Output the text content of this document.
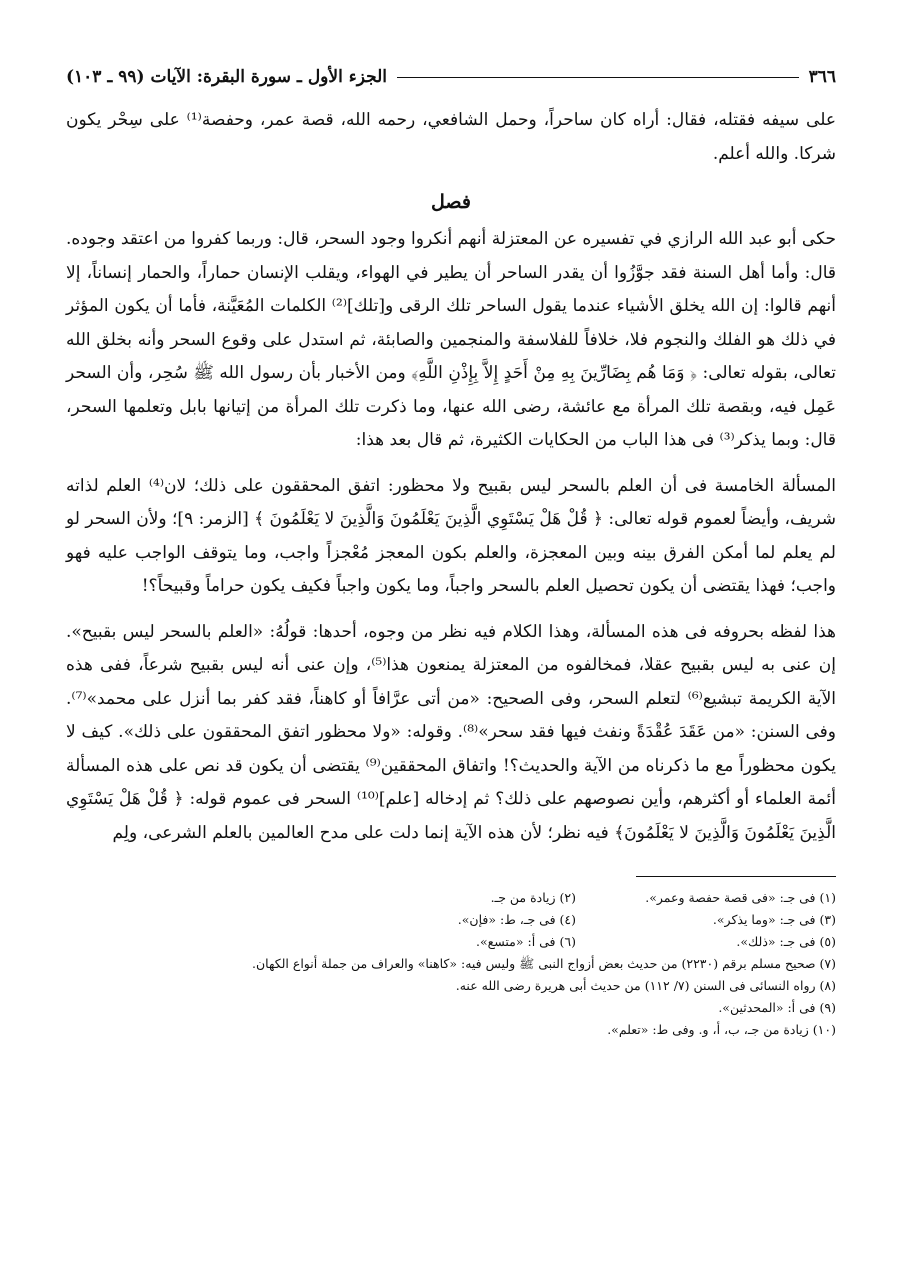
٣٦٦
الجزء الأول ـ سورة البقرة: الآيات (٩٩ ـ ١٠٣)

على سيفه فقتله، فقال: أراه كان ساحراً، وحمل الشافعي، رحمه الله، قصة عمر، وحفصة⁽¹⁾ على سِحْر يكون شركا. والله أعلم.

فصل

حكى أبو عبد الله الرازي في تفسيره عن المعتزلة أنهم أنكروا وجود السحر، قال: وربما كفروا من اعتقد وجوده. قال: وأما أهل السنة فقد جوَّزُوا أن يقدر الساحر أن يطير في الهواء، ويقلب الإنسان حماراً، والحمار إنساناً، إلا أنهم قالوا: إن الله يخلق الأشياء عندما يقول الساحر تلك الرقى و[تلك]⁽²⁾ الكلمات المُعَيَّنة، فأما أن يكون المؤثر في ذلك هو الفلك والنجوم فلا، خلافاً للفلاسفة والمنجمين والصابئة، ثم استدل على وقوع السحر وأنه بخلق الله تعالى، بقوله تعالى: ﴿ وَمَا هُم بِضَارِّينَ بِهِ مِنْ أَحَدٍ إِلاَّ بِإِذْنِ اللَّهِ﴾ ومن الأخبار بأن رسول الله ﷺ سُحِر، وأن السحر عَمِل فيه، وبقصة تلك المرأة مع عائشة، رضى الله عنها، وما ذكرت تلك المرأة من إتيانها بابل وتعلمها السحر، قال: وبما يذكر⁽³⁾ فى هذا الباب من الحكايات الكثيرة، ثم قال بعد هذا:

المسألة الخامسة فى أن العلم بالسحر ليس بقبيح ولا محظور: اتفق المحققون على ذلك؛ لان⁽⁴⁾ العلم لذاته شريف، وأيضاً لعموم قوله تعالى: ﴿ قُلْ هَلْ يَسْتَوِي الَّذِينَ يَعْلَمُونَ وَالَّذِينَ لا يَعْلَمُونَ ﴾ [الزمر: ٩]؛ ولأن السحر لو لم يعلم لما أمكن الفرق بينه وبين المعجزة، والعلم بكون المعجز مُعْجزاً واجب، وما يتوقف الواجب عليه فهو واجب؛ فهذا يقتضى أن يكون تحصيل العلم بالسحر واجباً، وما يكون واجباً فكيف يكون حراماً وقبيحاً؟!

هذا لفظه بحروفه فى هذه المسألة، وهذا الكلام فيه نظر من وجوه، أحدها: قولُهُ: «العلم بالسحر ليس بقبيح». إن عنى به ليس بقبيح عقلا، فمخالفوه من المعتزلة يمنعون هذا⁽⁵⁾، وإن عنى أنه ليس بقبيح شرعاً، ففى هذه الآية الكريمة تبشيع⁽⁶⁾ لتعلم السحر، وفى الصحيح: «من أتى عرَّافاً أو كاهناً، فقد كفر بما أنزل على محمد»⁽⁷⁾. وفى السنن: «من عَقَدَ عُقْدَةً ونفث فيها فقد سحر»⁽⁸⁾. وقوله: «ولا محظور اتفق المحققون على ذلك». كيف لا يكون محظوراً مع ما ذكرناه من الآية والحديث؟! واتفاق المحققين⁽⁹⁾ يقتضى أن يكون قد نص على هذه المسألة أئمة العلماء أو أكثرهم، وأين نصوصهم على ذلك؟ ثم إدخاله [علم]⁽¹⁰⁾ السحر فى عموم قوله: ﴿ قُلْ هَلْ يَسْتَوِي الَّذِينَ يَعْلَمُونَ وَالَّذِينَ لا يَعْلَمُونَ﴾ فيه نظر؛ لأن هذه الآية إنما دلت على مدح العالمين بالعلم الشرعى، ولِم

(١) فى جـ: «فى قصة حفصة وعمر».
(٢) زيادة من جـ.
(٣) فى جـ: «وما يذكر».
(٤) فى جـ، ط: «فإن».
(٥) فى جـ: «ذلك».
(٦) فى أ: «متسع».
(٧) صحيح مسلم برقم (٢٢٣٠) من حديث بعض أزواج النبى ﷺ وليس فيه: «كاهنا» والعراف من جملة أنواع الكهان.
(٨) رواه النسائى فى السنن (٧/ ١١٢) من حديث أبى هريرة رضى الله عنه.
(٩) فى أ: «المحدثين».
(١٠) زيادة من جـ، ب، أ، و. وفى ط: «تعلم».
